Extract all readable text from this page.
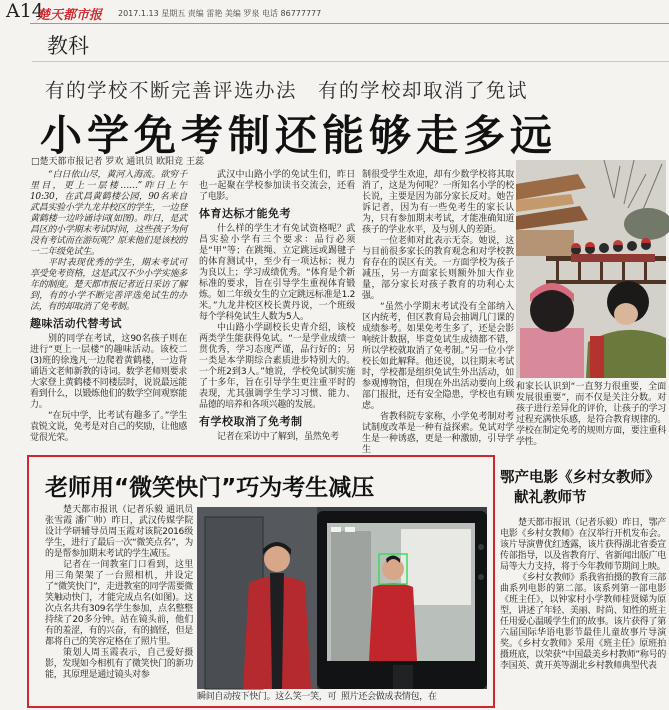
A14
楚天都市报 2017.1.13 星期五 责编 雷艳 美编 罗泉 电话 86777777
教科
有的学校不断完善评选办法　有的学校却取消了免试
小学免考制还能够走多远
□楚天都市报记者 罗欢 通讯员 欧阳竞 王蕊

“白日依山尽，黄河入海流。欲穷千里目，更上一层楼……”昨日上午10:30，在武昌黄鹤楼公园，90名来自武昌实验小学九龙井校区的学生，一边登黄鹤楼一边吟诵诗词(如图)。昨日，是武昌区的小学期末考试时间，这些孩子为何没有考试而在游玩呢？原来他们是该校的一二年级免试生。

平时表现优秀的学生，期末考试可享受免考资格，这是武汉不少小学实施多年的制度。楚天都市报记者近日采访了解到，有的小学不断完善评选免试生的办法，有的却取消了免考制。

趣味活动代替考试

别的同学在考试，这90名孩子则在进行“更上一层楼”的趣味活动。该校二(3)班的徐逸凡一边爬着黄鹤楼，一边背诵语文老师新教的诗词。数学老师则要求大家登上黄鹤楼不同楼层时，说说最远能看到什么，以锻炼他们的数学空间观察能力。

“在玩中学，比考试有趣多了。”学生袁锐文说，免考是对自己的奖励，让他感觉很光荣。

武汉中山路小学的免试生们，昨日也一起聚在学校参加读书交流会，还看了电影。

体育达标才能免考

什么样的学生才有免试资格呢？武昌实验小学有三个要求：品行必须是“甲”等；在跳绳、立定跳远或踢毽子的体育测试中，至少有一项达标；视力为良以上；学习成绩优秀。“体育是个新标准的要求，旨在引导学生重视体育锻炼。如二年级女生的立定跳远标准是1.2米。”九龙井校区校长黄丹说，一个班级每个学科免试生人数为5人。

中山路小学副校长史青介绍，该校两类学生能获得免试。“一是学业成绩一贯优秀，学习态度严谨，品行好的；另一类是本学期综合素质进步特别大的。一个班2到3人。”她说，学校免试制实施了十多年，旨在引导学生更注重平时的表现，尤其强调学生学习习惯、能力、品德的培养和各项兴趣的发展。

有学校取消了免考制

记者在采访中了解到，虽然免考

制很受学生欢迎，却有少数学校将其取消了，这是为何呢？一所知名小学的校长说，主要是因为部分家长反对。她告诉记者，因为有一些免考生的家长认为，只有参加期末考试，才能准确知道孩子的学业水平，及与别人的差距。

一位老师对此表示无奈。她说，这与目前很多家长的教育观念和对学校教育存在的误区有关。一方面学校为孩子减压，另一方面家长则额外加大作业量，部分家长对孩子教育的功利心太强。

“虽然小学期末考试没有全部纳入区内统考，但区教育局会抽调几门课的成绩参考。如果免考生多了，还是会影响统计数据，毕竟免试生成绩都不错，所以学校就取消了免考制。”另一位小学校长如此解释。他还说，以往期末考试时，学校都是组织免试生外出活动，如参观博物馆，但现在外出活动要向上级部门报批，还有安全隐患，学校也有顾虑。

省教科院专家称，小学免考制对考试制度改革是一种有益探索。免试对学生是一种诱惑，更是一种激励，引导学生

和家长认识到“一直努力很重要，全面发展很重要”，而不仅是关注分数。对孩子进行差异化的评价，让孩子的学习过程充满快乐感，是符合教育规律的。学校在制定免考的规则方面，要注重科学性。

老师用“微笑快门”巧为考生减压

楚天都市报讯（记者乐毅 通讯员张雪霞 潘广帅）昨日，武汉传媒学院设计学研辅导员周玉霞对该院2016级学生，进行了最后一次“微笑点名”，为的是帮参加期末考试的学生减压。

记者在一间教室门口看到，这里用三角架架了一台照相机，并设定了“微笑快门”，走进教室的同学需要微笑触动快门，才能完成点名(如图)。这次点名共有309名学生参加，点名整整持续了20多分钟。站在镜头前，他们有的羞涩，有的兴奋，有的搞怪，但是都将自己的笑容定格在了照片里。

策划人周玉霞表示，自己爱好摄影，发现如今相机有了微笑快门的新功能，其原理是通过镜头对参

瞬间自动按下快门。这么笑一笑，可 照片还会做成表情包，在
鄂产电影《乡村女教师》
献礼教师节

楚天都市报讯（记者乐毅）昨日，鄂产电影《乡村女教师》在汉举行开机发布会。该片导演曹优红透露，该片获得湖北省委宣传部指导，以及省教育厅、省新闻出版广电局等大力支持，将于今年教师节期间上映。

《乡村女教师》系我省拍摄的教育三部曲系列电影的第二部。该系列第一部电影《班主任》，以钟家村小学教师桂贤娣为原型，讲述了年轻、美丽、时尚、知性的班主任用爱心温暖学生们的故事。该片获得了第六届国际华语电影节最佳儿童故事片导演奖。《乡村女教师》采用《班主任》原班拍摄班底，以荣获“中国最美乡村教师”称号的李国英、黄开英等湖北乡村教师典型代表
